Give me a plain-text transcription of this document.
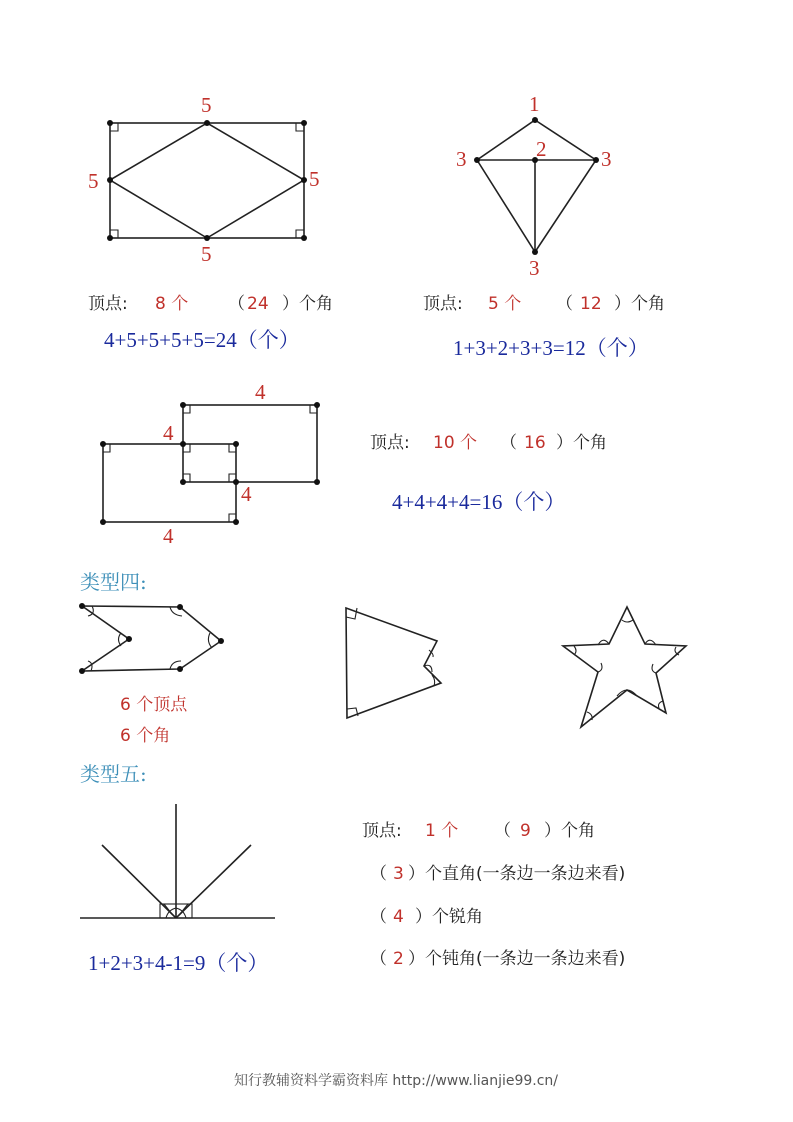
5
5
5	5
顶点: 8 个 （ 24 ）个角
4+5+5+5+5=24（个）
1
2
3	3
3
顶点: 5 个 （ 12 ）个角
1+3+2+3+3=12（个）
4
4
4
4
顶点: 10 个 （ 16 ）个角
4+4+4+4=16（个）
类型四:
6 个顶点
6 个角
类型五:
1+2+3+4-1=9（个）
顶点: 1 个 （ 9 ）个角
（ 3 ）个直角(一条边一条边来看)
（ 4 ）个锐角
（ 2 ）个钝角(一条边一条边来看)
知行教辅资料学霸资料库 http://www.lianjie99.cn/
